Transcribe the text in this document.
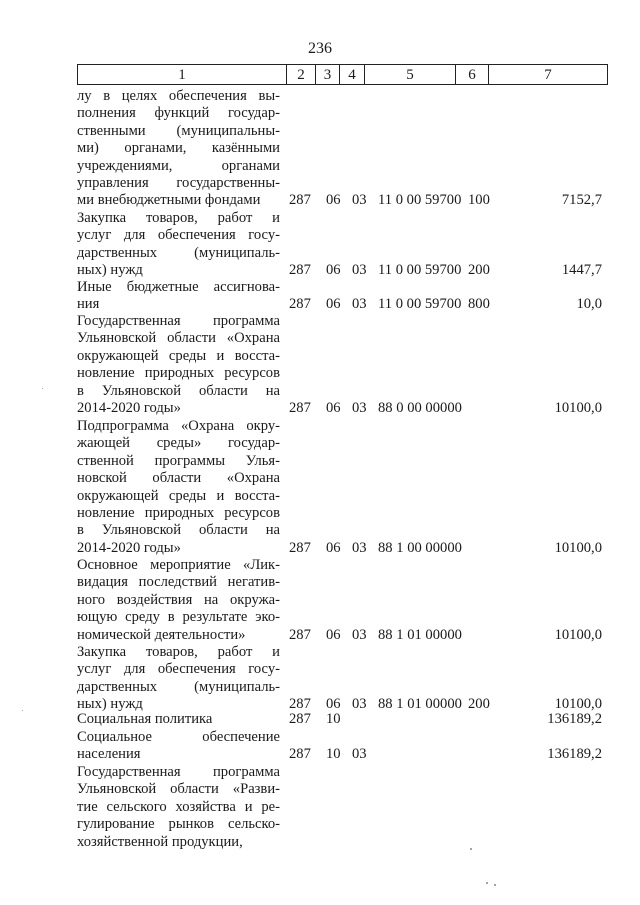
236
1	2	3	4	5	6	7
лу в целях обеспечения вы-
полнения функций государ-
ственными (муниципальны-
ми) органами, казёнными
учреждениями, органами
управления государственны-
ми внебюджетными фондами	287 06 03 11 0 00 59700 100	7152,7
Закупка товаров, работ и
услуг для обеспечения госу-
дарственных (муниципаль-
ных) нужд	287 06 03 11 0 00 59700 200	1447,7
Иные бюджетные ассигнова-
ния	287 06 03 11 0 00 59700 800	10,0
Государственная программа
Ульяновской области «Охрана
окружающей среды и восста-
новление природных ресурсов
в Ульяновской области на
2014-2020 годы»	287 06 03 88 0 00 00000	10100,0
Подпрограмма «Охрана окру-
жающей среды» государ-
ственной программы Улья-
новской области «Охрана
окружающей среды и восста-
новление природных ресурсов
в Ульяновской области на
2014-2020 годы»	287 06 03 88 1 00 00000	10100,0
Основное мероприятие «Лик-
видация последствий негатив-
ного воздействия на окружа-
ющую среду в результате эко-
номической деятельности»	287 06 03 88 1 01 00000	10100,0
Закупка товаров, работ и
услуг для обеспечения госу-
дарственных (муниципаль-
ных) нужд	287 06 03 88 1 01 00000 200	10100,0
Социальная политика	287 10	136189,2
Социальное обеспечение
населения	287 10 03	136189,2
Государственная программа
Ульяновской области «Разви-
тие сельского хозяйства и ре-
гулирование рынков сельско-
хозяйственной продукции,
